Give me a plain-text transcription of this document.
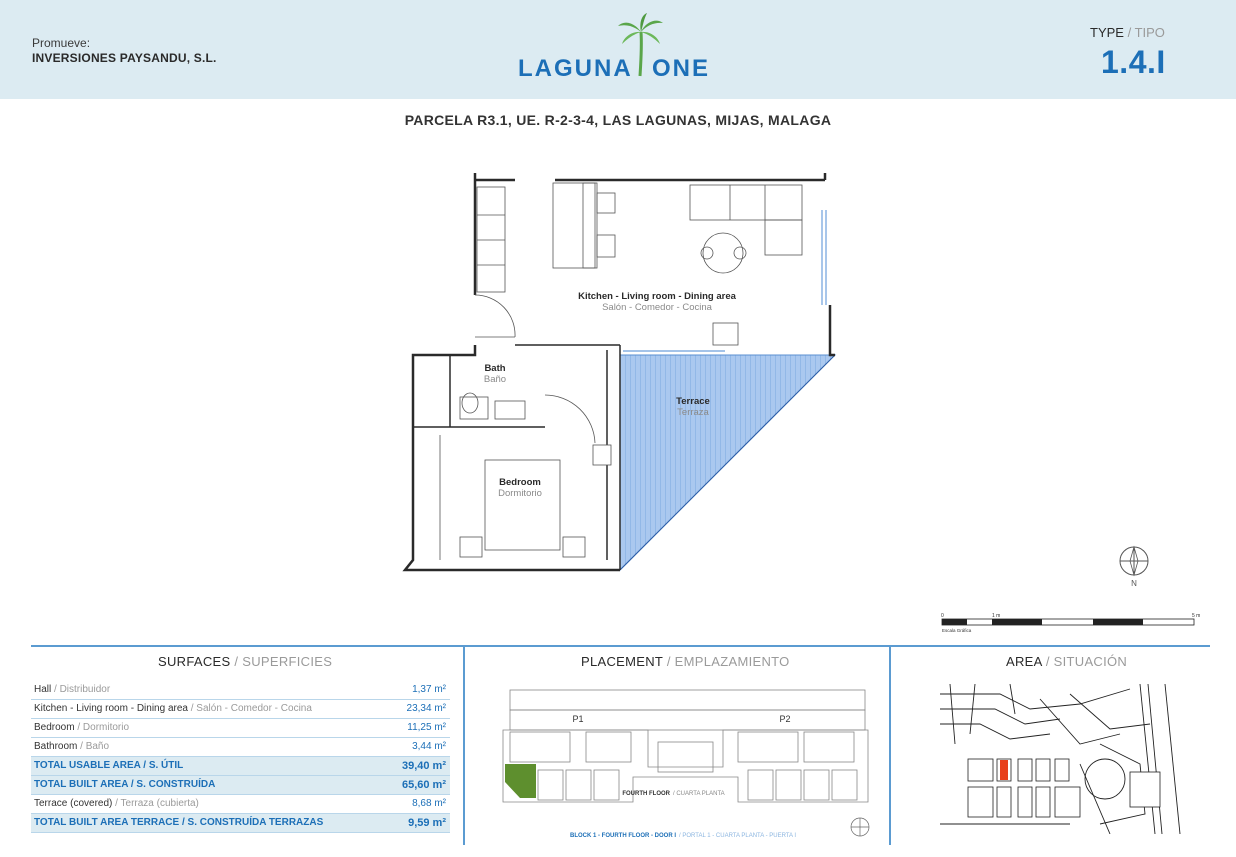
Promueve:
INVERSIONES PAYSANDU, S.L.	LAGUNA ONE
TYPE / TIPO
1.4.I
PARCELA R3.1, UE. R-2-3-4, LAS LAGUNAS, MIJAS, MALAGA
Kitchen - Living room - Dining area
Salón - Comedor - Cocina
Bath
Baño
Terrace
Terraza
Bedroom
Dormitorio
N
0	1 m	5 m
Escala Gráfica
SURFACES / SUPERFICIES
Hall / Distribuidor	1,37 m²
Kitchen - Living room - Dining area / Salón - Comedor - Cocina	23,34 m²
Bedroom / Dormitorio	11,25 m²
Bathroom / Baño	3,44 m²
TOTAL USABLE AREA / S. ÚTIL	39,40 m²
TOTAL BUILT AREA / S. CONSTRUÍDA	65,60 m²
Terrace (covered) / Terraza (cubierta)	8,68 m²
TOTAL BUILT AREA TERRACE / S. CONSTRUÍDA TERRAZAS	9,59 m²
PLACEMENT / EMPLAZAMIENTO
P1	P2
FOURTH FLOOR / CUARTA PLANTA
BLOCK 1 - FOURTH FLOOR - DOOR I / PORTAL 1 - CUARTA PLANTA - PUERTA I
AREA / SITUACIÓN
